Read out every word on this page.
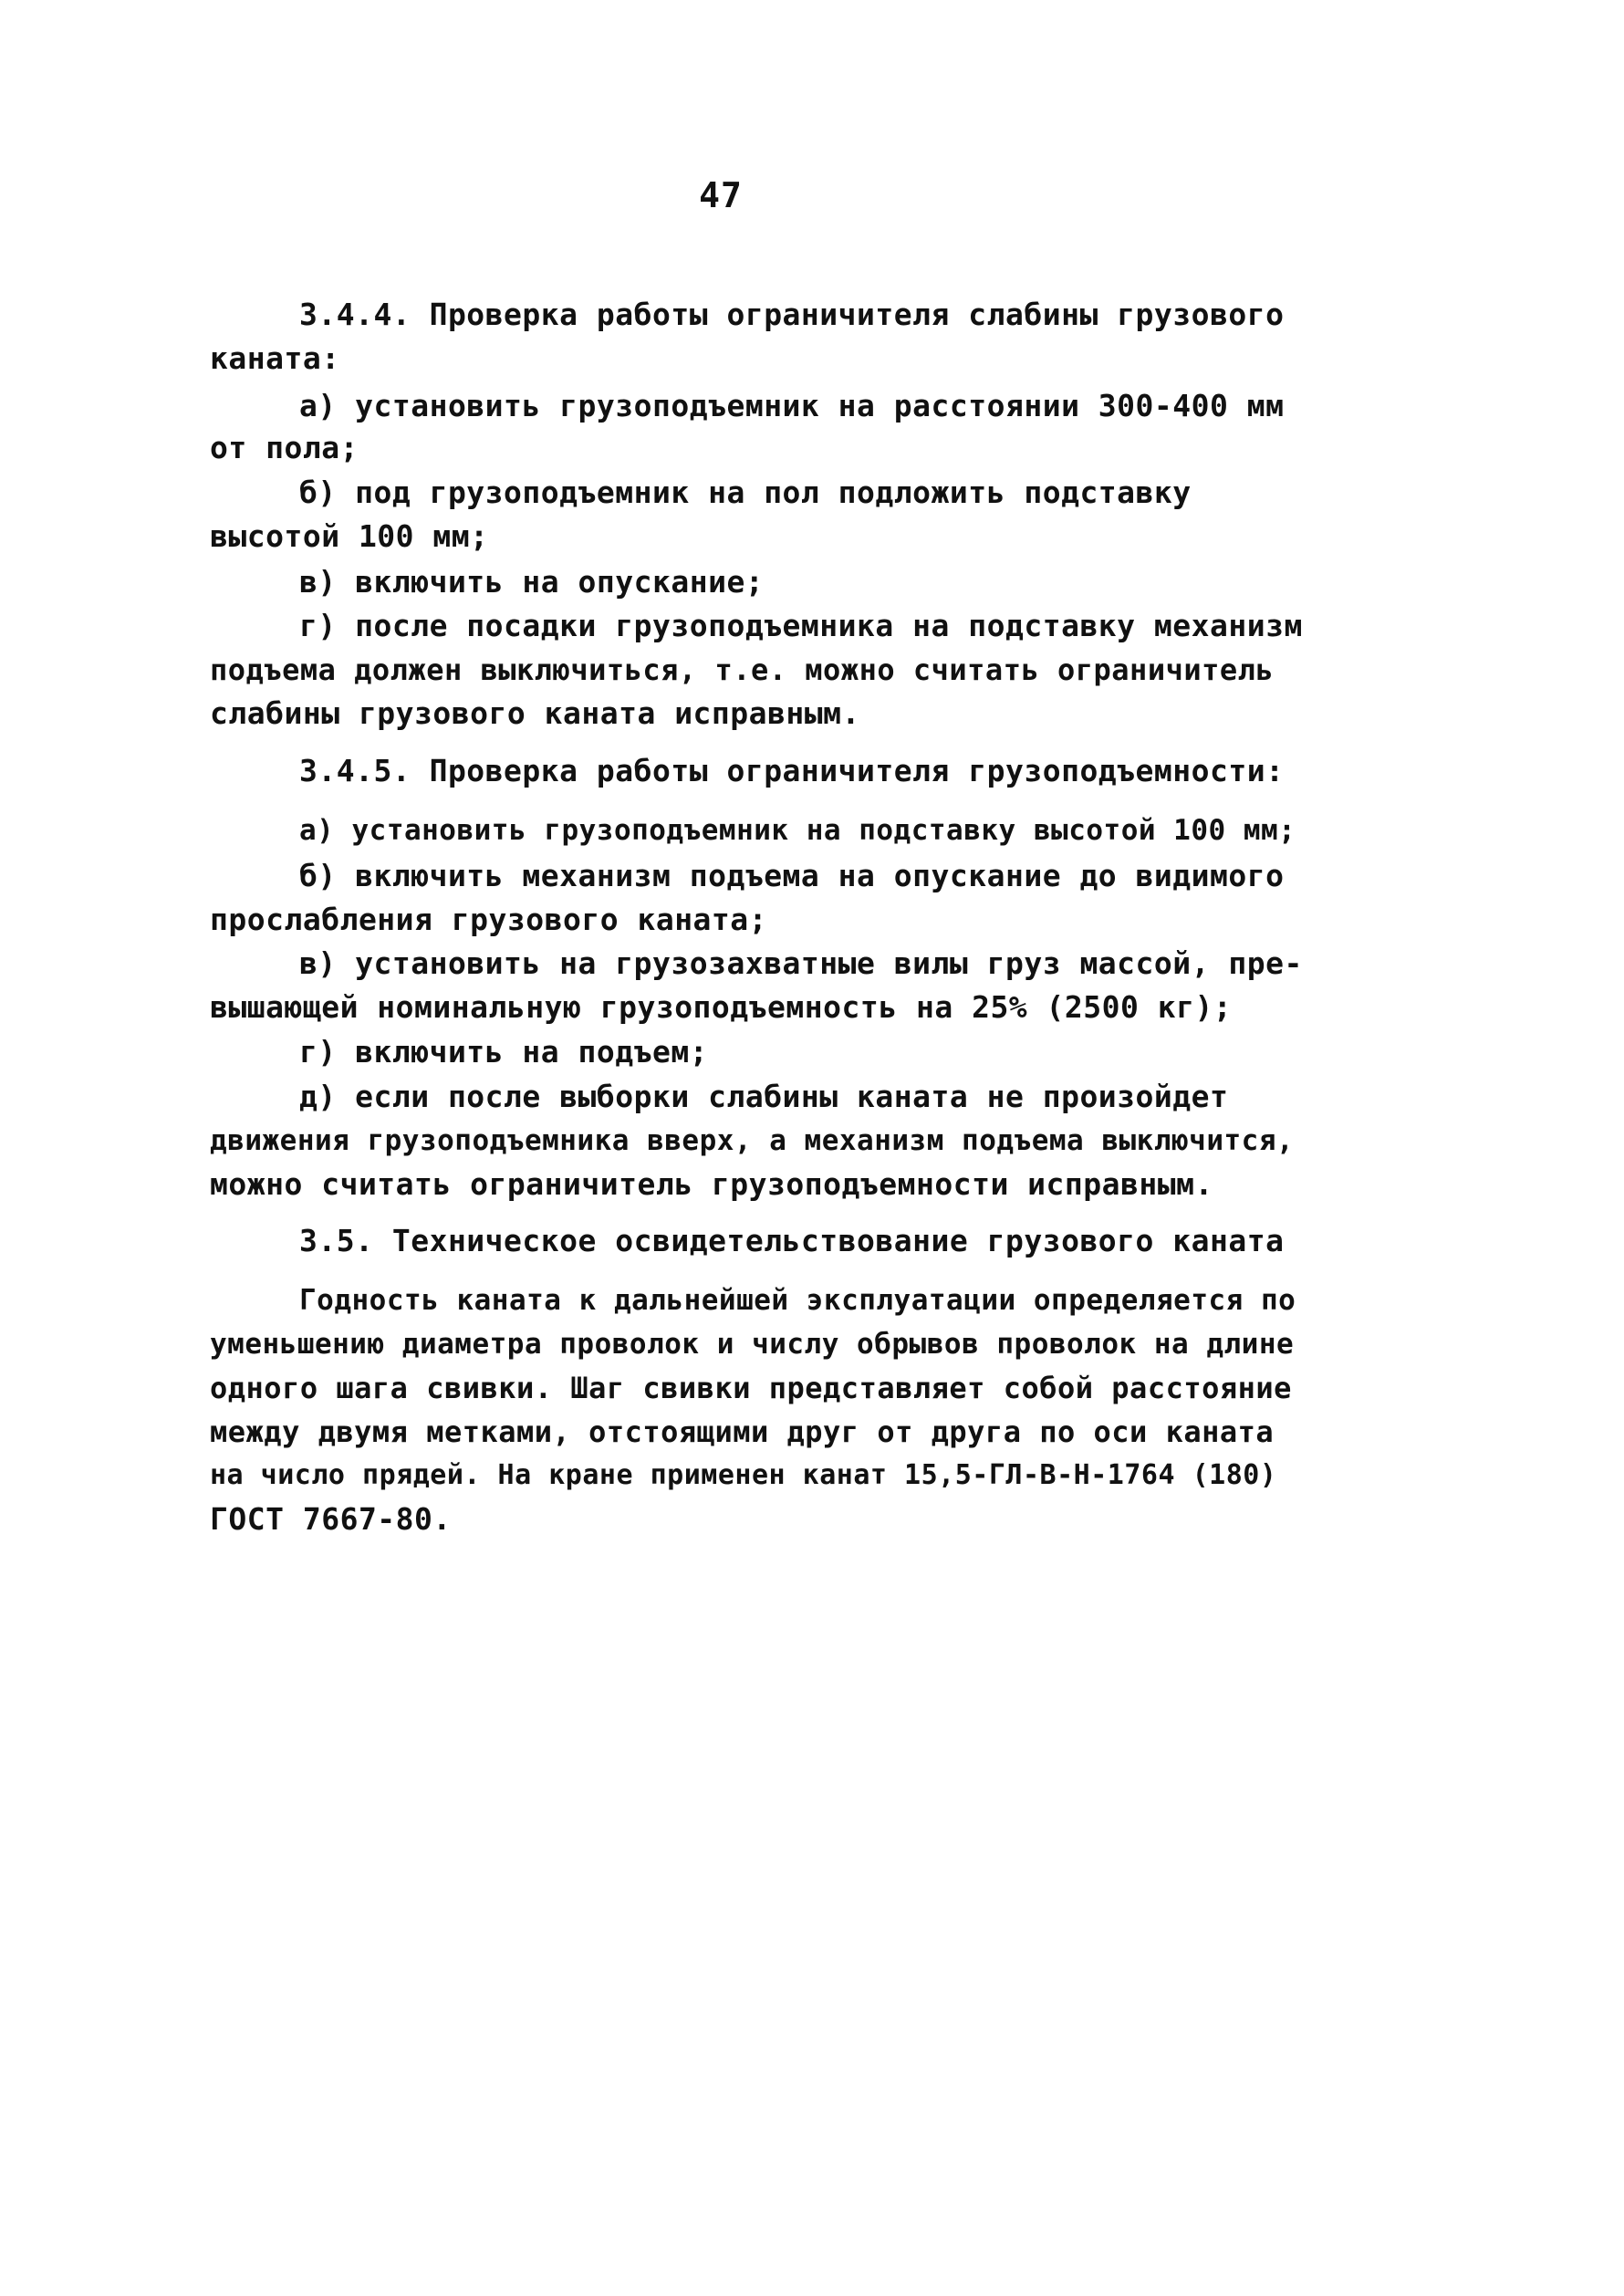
47
3.4.4. Проверка работы ограничителя слабины грузового
каната:
а) установить грузоподъемник на расстоянии 300-400 мм
от пола;
б) под грузоподъемник на пол подложить подставку
высотой 100 мм;
в) включить на опускание;
г) после посадки грузоподъемника на подставку механизм
подъема должен выключиться, т.е. можно считать ограничитель
слабины грузового каната исправным.
3.4.5. Проверка работы ограничителя грузоподъемности:
а) установить грузоподъемник на подставку высотой 100 мм;
б) включить механизм подъема на опускание до видимого
прослабления грузового каната;
в) установить на грузозахватные вилы груз массой, пре-
вышающей номинальную грузоподъемность на 25% (2500 кг);
г) включить на подъем;
д) если после выборки слабины каната не произойдет
движения грузоподъемника вверх, а механизм подъема выключится,
можно считать ограничитель грузоподъемности исправным.
3.5. Техническое освидетельствование грузового каната
Годность каната к дальнейшей эксплуатации определяется по
уменьшению диаметра проволок и числу обрывов проволок на длине
одного шага свивки. Шаг свивки представляет собой расстояние
между двумя метками, отстоящими друг от друга по оси каната
на число прядей. На кране применен канат 15,5-ГЛ-В-Н-1764 (180)
ГОСТ 7667-80.
